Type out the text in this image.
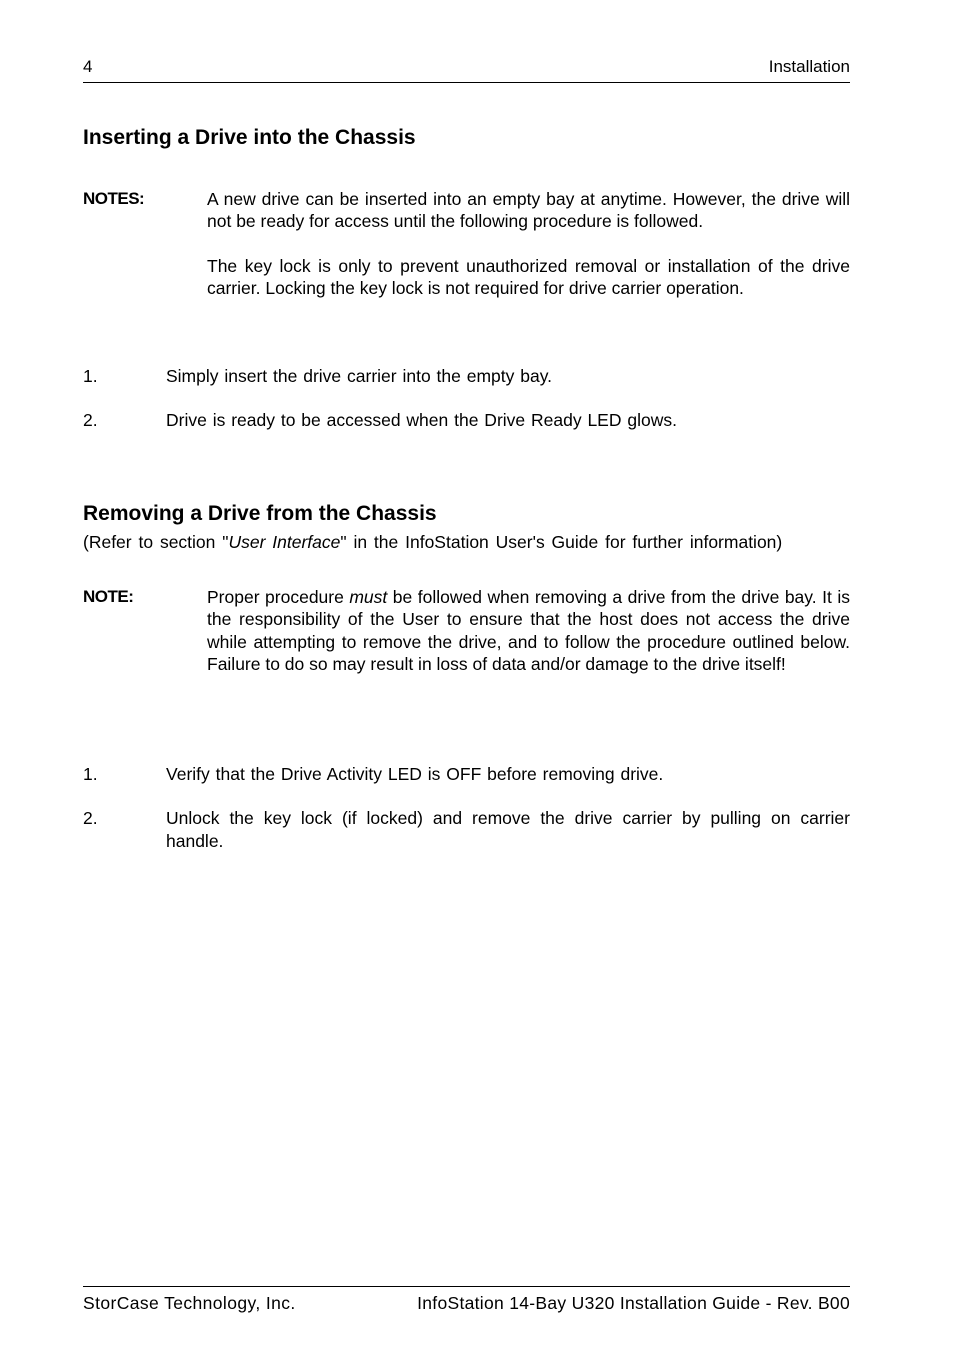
4	Installation
Inserting a Drive into the Chassis
NOTES:	A new drive can be inserted into an empty bay at anytime. However, the drive will not be ready for access until the following procedure is followed.
The key lock is only to prevent unauthorized removal or installation of the drive carrier. Locking the key lock is not required for drive carrier operation.
1.	Simply insert the drive carrier into the empty bay.
2.	Drive is ready to be accessed when the Drive Ready LED glows.
Removing a Drive from the Chassis
(Refer to section "User Interface" in the InfoStation User's Guide for further information)
NOTE:	Proper procedure must be followed when removing a drive from the drive bay. It is the responsibility of the User to ensure that the host does not access the drive while attempting to remove the drive, and to follow the procedure outlined below. Failure to do so may result in loss of data and/or damage to the drive itself!
1.	Verify that the Drive Activity LED is OFF before removing drive.
2.	Unlock the key lock (if locked) and remove the drive carrier by pulling on carrier handle.
StorCase Technology, Inc.	InfoStation 14-Bay U320 Installation Guide - Rev. B00
